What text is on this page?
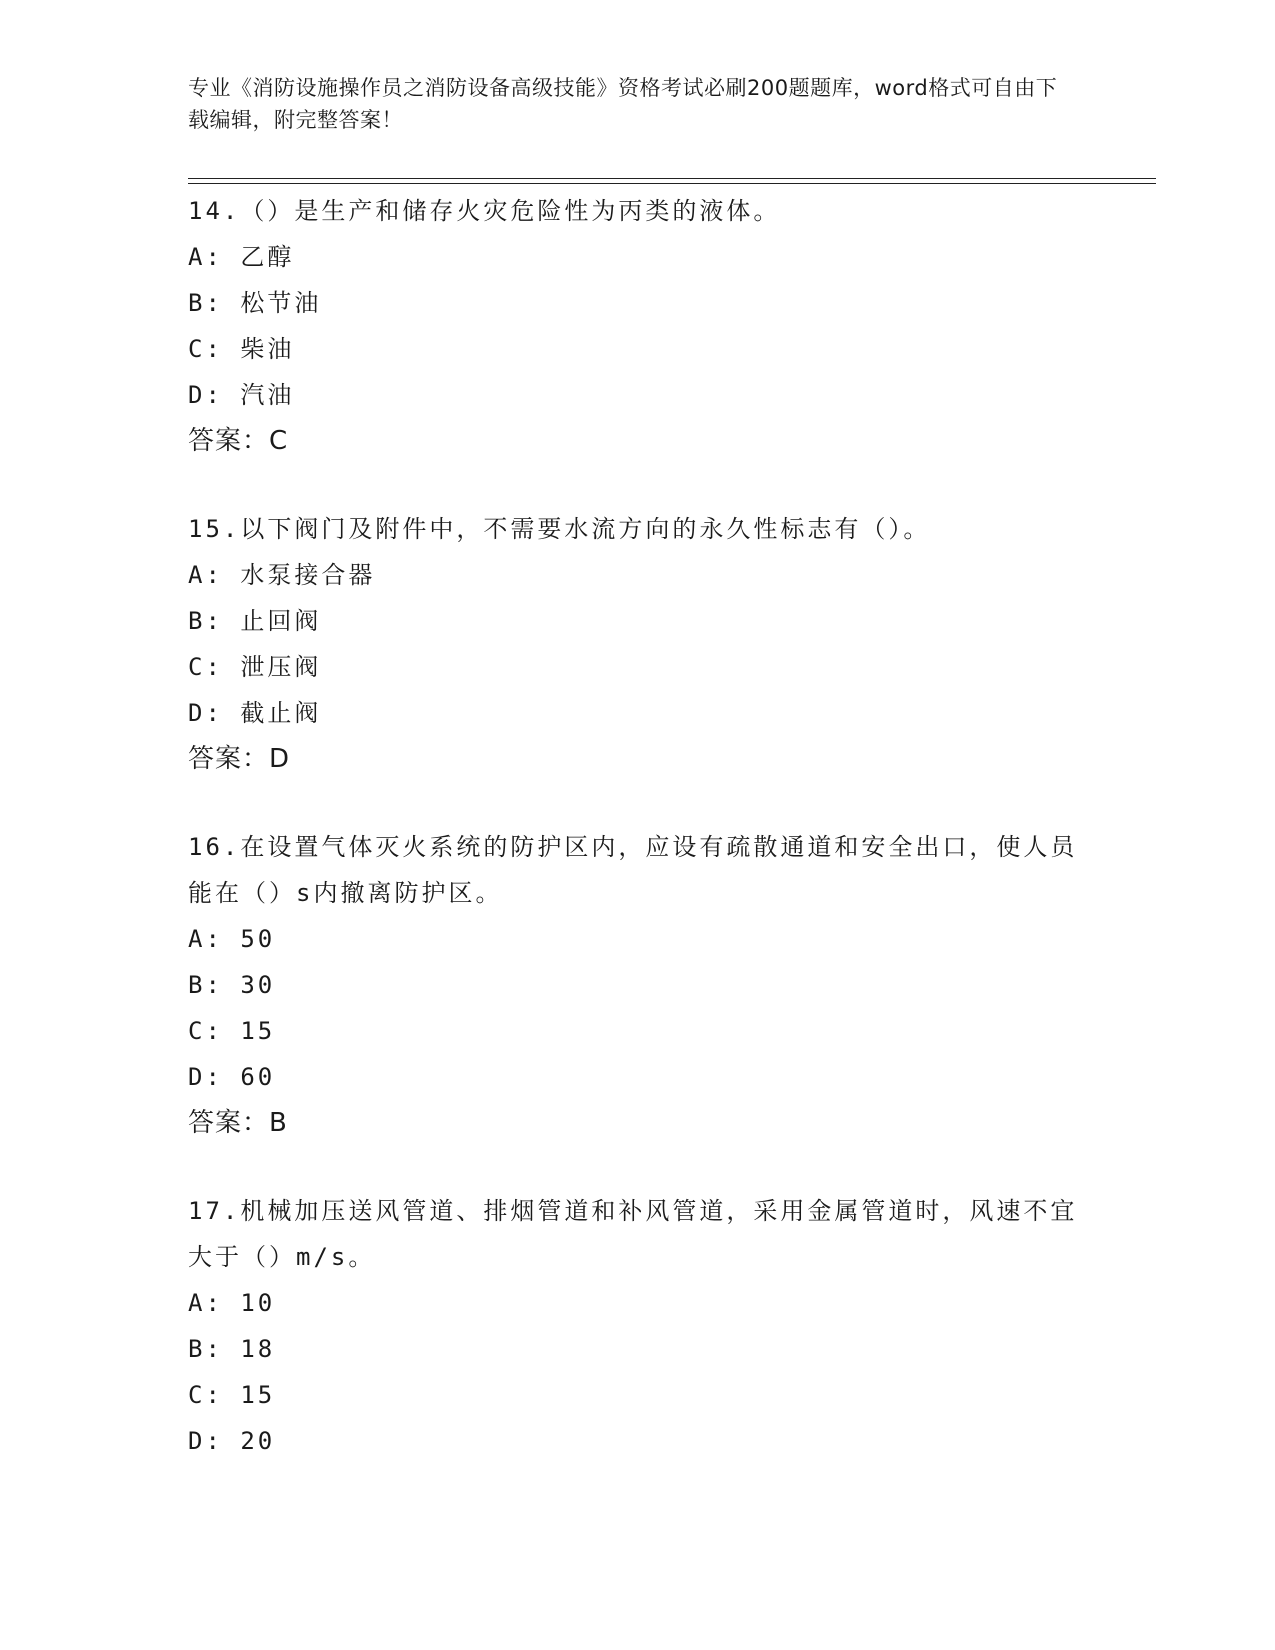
专业《消防设施操作员之消防设备高级技能》资格考试必刷200题题库，word格式可自由下载编辑，附完整答案！

14.（）是生产和储存火灾危险性为丙类的液体。

A: 乙醇

B: 松节油

C: 柴油

D: 汽油

答案：C

15.以下阀门及附件中，不需要水流方向的永久性标志有（）。

A: 水泵接合器

B: 止回阀

C: 泄压阀

D: 截止阀

答案：D

16.在设置气体灭火系统的防护区内，应设有疏散通道和安全出口，使人员能在（）s内撤离防护区。

A: 50

B: 30

C: 15

D: 60

答案：B

17.机械加压送风管道、排烟管道和补风管道，采用金属管道时，风速不宜大于（）m/s。

A: 10

B: 18

C: 15

D: 20
